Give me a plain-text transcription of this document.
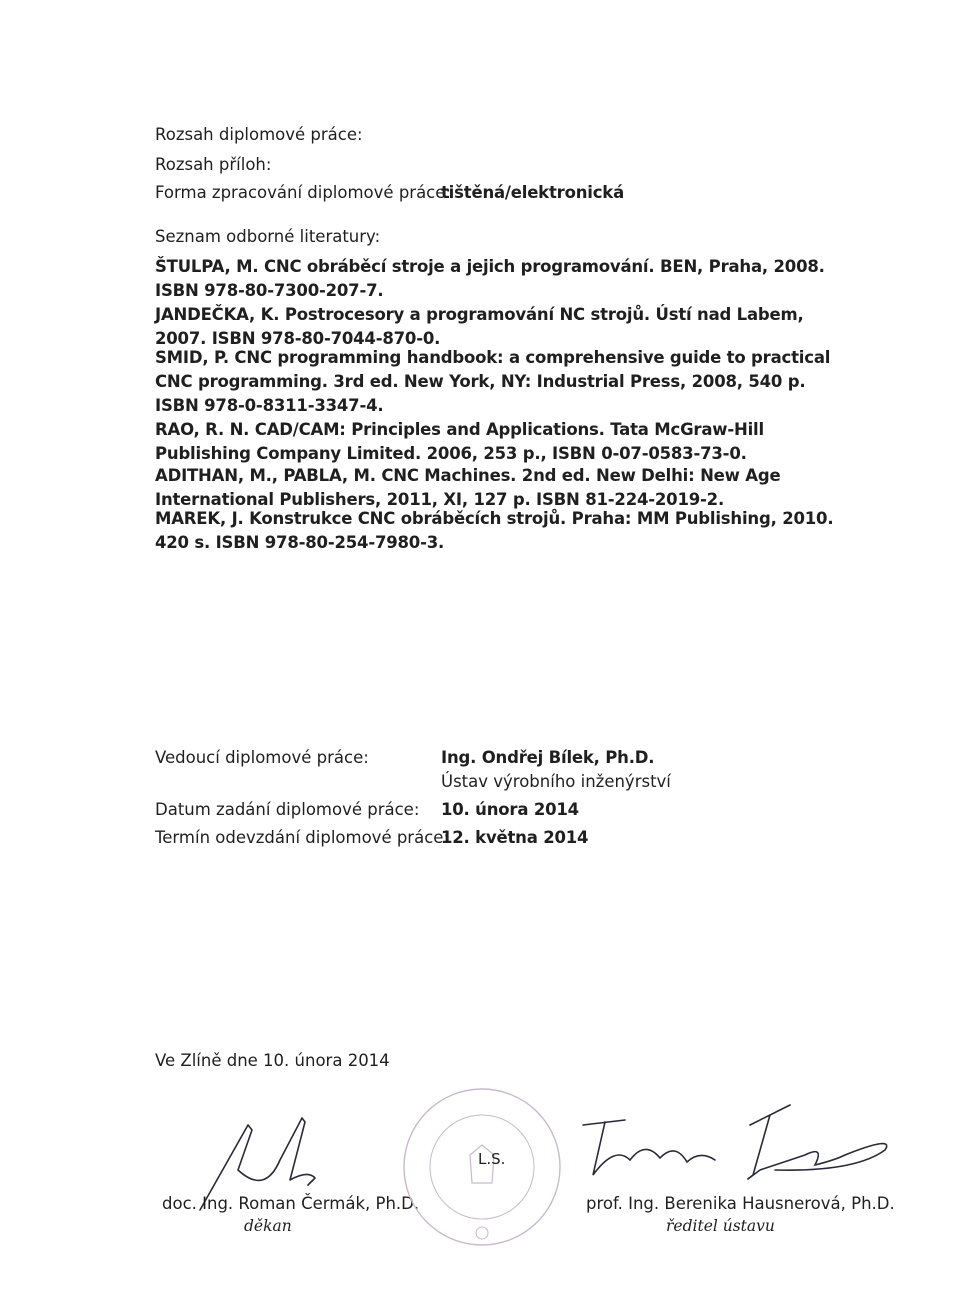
Rozsah diplomové práce:
Rozsah příloh:
Forma zpracování diplomové práce:
tištěná/elektronická
Seznam odborné literatury:
ŠTULPA, M. CNC obráběcí stroje a jejich programování. BEN, Praha, 2008. ISBN 978-80-7300-207-7.
JANDEČKA, K. Postrocesory a programování NC strojů. Ústí nad Labem, 2007. ISBN 978-80-7044-870-0.
SMID, P. CNC programming handbook: a comprehensive guide to practical CNC programming. 3rd ed. New York, NY: Industrial Press, 2008, 540 p. ISBN 978-0-8311-3347-4.
RAO, R. N. CAD/CAM: Principles and Applications. Tata McGraw-Hill Publishing Company Limited. 2006, 253 p., ISBN 0-07-0583-73-0.
ADITHAN, M., PABLA, M. CNC Machines. 2nd ed. New Delhi: New Age International Publishers, 2011, XI, 127 p. ISBN 81-224-2019-2.
MAREK, J. Konstrukce CNC obráběcích strojů. Praha: MM Publishing, 2010. 420 s. ISBN 978-80-254-7980-3.
Vedoucí diplomové práce:	Ing. Ondřej Bílek, Ph.D.
Ústav výrobního inženýrství
Datum zadání diplomové práce: 10. února 2014
Termín odevzdání diplomové práce:
12. května 2014
Ve Zlíně dne 10. února 2014
doc. Ing. Roman Čermák, Ph.D.
děkan
L.S.
prof. Ing. Berenika Hausnerová, Ph.D.
ředitel ústavu
